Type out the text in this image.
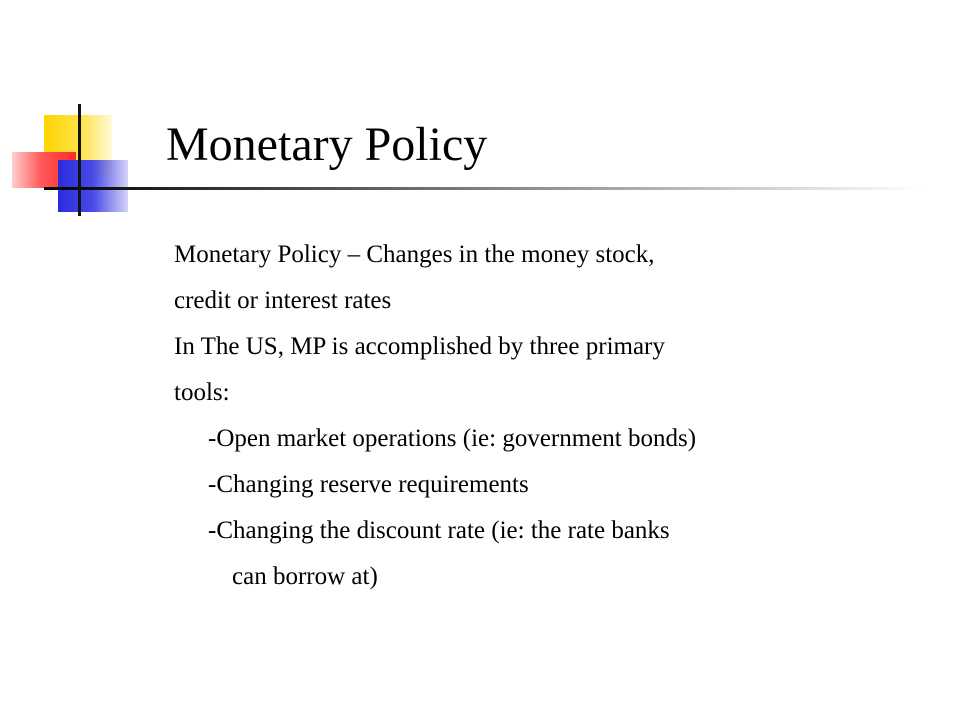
Monetary Policy
Monetary Policy – Changes in the money stock,
credit or interest rates
In The US, MP is accomplished by three primary
tools:
-Open market operations (ie: government bonds)
-Changing reserve requirements
-Changing the discount rate (ie: the rate banks
can borrow at)
